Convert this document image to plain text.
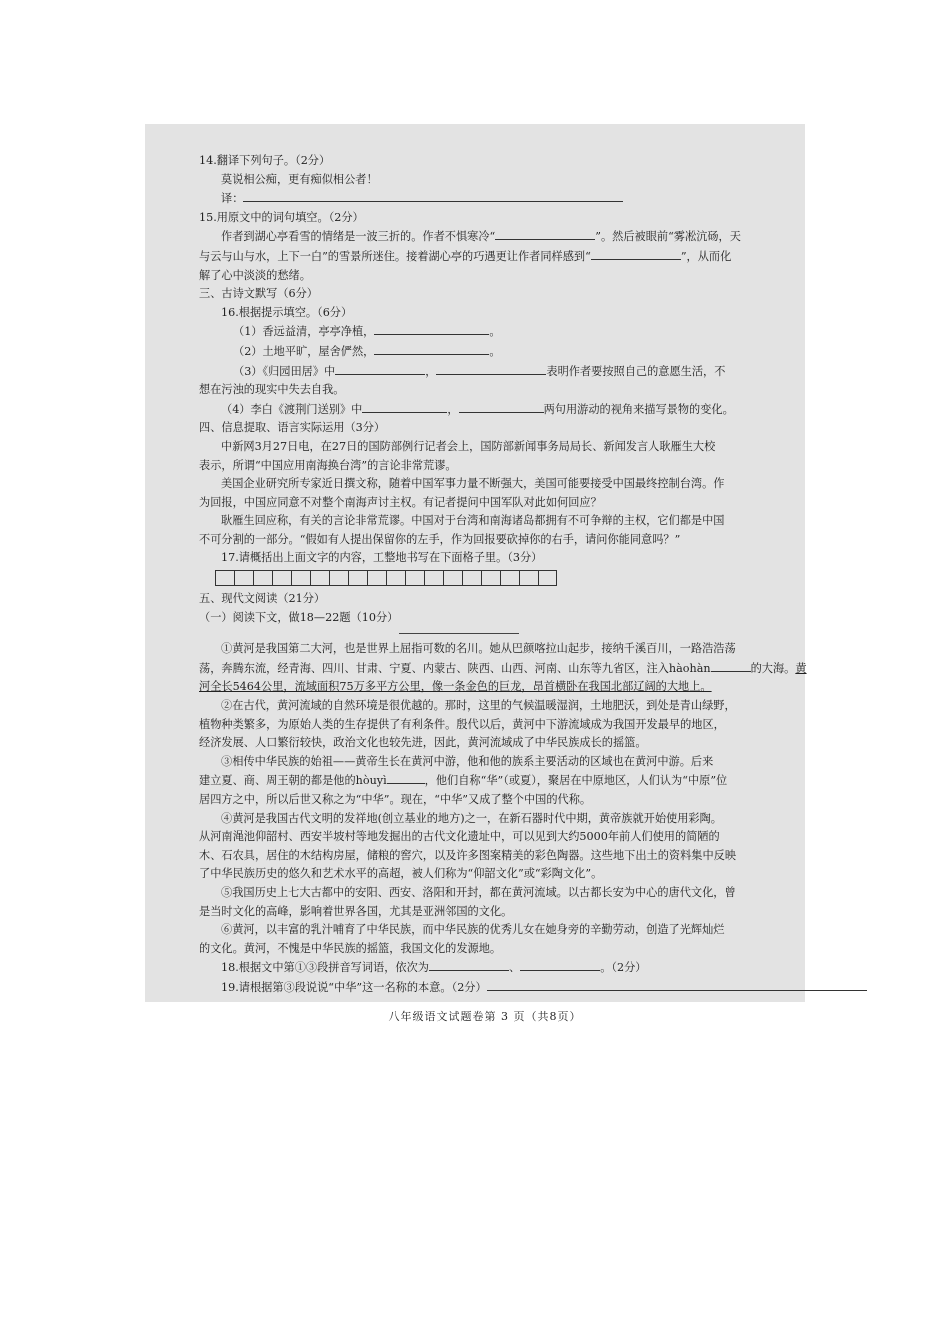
14.翻译下列句子。（2分）
莫说相公痴，更有痴似相公者！
译：
15.用原文中的词句填空。（2分）
作者到湖心亭看雪的情绪是一波三折的。作者不惧寒冷“	”。然后被眼前“雾凇沆砀，天
与云与山与水，上下一白”的雪景所迷住。接着湖心亭的巧遇更让作者同样感到“	”，从而化
解了心中淡淡的愁绪。
三、古诗文默写（6分）
16.根据提示填空。（6分）
（1）香远益清，亭亭净植，	。
（2）土地平旷，屋舍俨然，	。
（3）《归园田居》中	，	表明作者要按照自己的意愿生活，不
想在污浊的现实中失去自我。
（4）李白《渡荆门送别》中	，	两句用游动的视角来描写景物的变化。
四、信息提取、语言实际运用（3分）
中新网3月27日电，在27日的国防部例行记者会上，国防部新闻事务局局长、新闻发言人耿雁生大校
表示，所谓“中国应用南海换台湾”的言论非常荒谬。
美国企业研究所专家近日撰文称，随着中国军事力量不断强大，美国可能要接受中国最终控制台湾。作
为回报，中国应同意不对整个南海声讨主权。有记者提问中国军队对此如何回应？
耿雁生回应称，有关的言论非常荒谬。中国对于台湾和南海诸岛都拥有不可争辩的主权，它们都是中国
不可分割的一部分。“假如有人提出保留你的左手，作为回报要砍掉你的右手，请问你能同意吗？”
17.请概括出上面文字的内容，工整地书写在下面格子里。（3分）
五、现代文阅读（21分）
（一）阅读下文，做18—22题（10分）
①黄河是我国第二大河，也是世界上屈指可数的名川。她从巴颜喀拉山起步，接纳千溪百川，一路浩浩荡
荡，奔腾东流，经青海、四川、甘肃、宁夏、内蒙古、陕西、山西、河南、山东等九省区，注入hàohàn	的大海。黄
河全长5464公里，流域面积75万多平方公里，像一条金色的巨龙，昂首横卧在我国北部辽阔的大地上。
②在古代，黄河流域的自然环境是很优越的。那时，这里的气候温暖湿润，土地肥沃，到处是青山绿野，
植物种类繁多，为原始人类的生存提供了有利条件。殷代以后，黄河中下游流域成为我国开发最早的地区，
经济发展、人口繁衍较快，政治文化也较先进，因此，黄河流域成了中华民族成长的摇篮。
③相传中华民族的始祖——黄帝生长在黄河中游，他和他的族系主要活动的区域也在黄河中游。后来
建立夏、商、周王朝的都是他的hòuyì	，他们自称“华”（或夏），聚居在中原地区，人们认为“中原”位
居四方之中，所以后世又称之为“中华”。现在，“中华”又成了整个中国的代称。
④黄河是我国古代文明的发祥地(创立基业的地方)之一，在新石器时代中期，黄帝族就开始使用彩陶。
从河南渑池仰韶村、西安半坡村等地发掘出的古代文化遗址中，可以见到大约5000年前人们使用的简陋的
木、石农具，居住的木结构房屋，储粮的窖穴，以及许多图案精美的彩色陶器。这些地下出土的资料集中反映
了中华民族历史的悠久和艺术水平的高超，被人们称为“仰韶文化”或“彩陶文化”。
⑤我国历史上七大古都中的安阳、西安、洛阳和开封，都在黄河流域。以古都长安为中心的唐代文化，曾
是当时文化的高峰，影响着世界各国，尤其是亚洲邻国的文化。
⑥黄河，以丰富的乳汁哺育了中华民族，而中华民族的优秀儿女在她身旁的辛勤劳动，创造了光辉灿烂
的文化。黄河，不愧是中华民族的摇篮，我国文化的发源地。
18.根据文中第①③段拼音写词语，依次为	、	。（2分）
19.请根据第③段说说“中华”这一名称的本意。（2分）
八年级语文试题卷第 3 页（共8页）
